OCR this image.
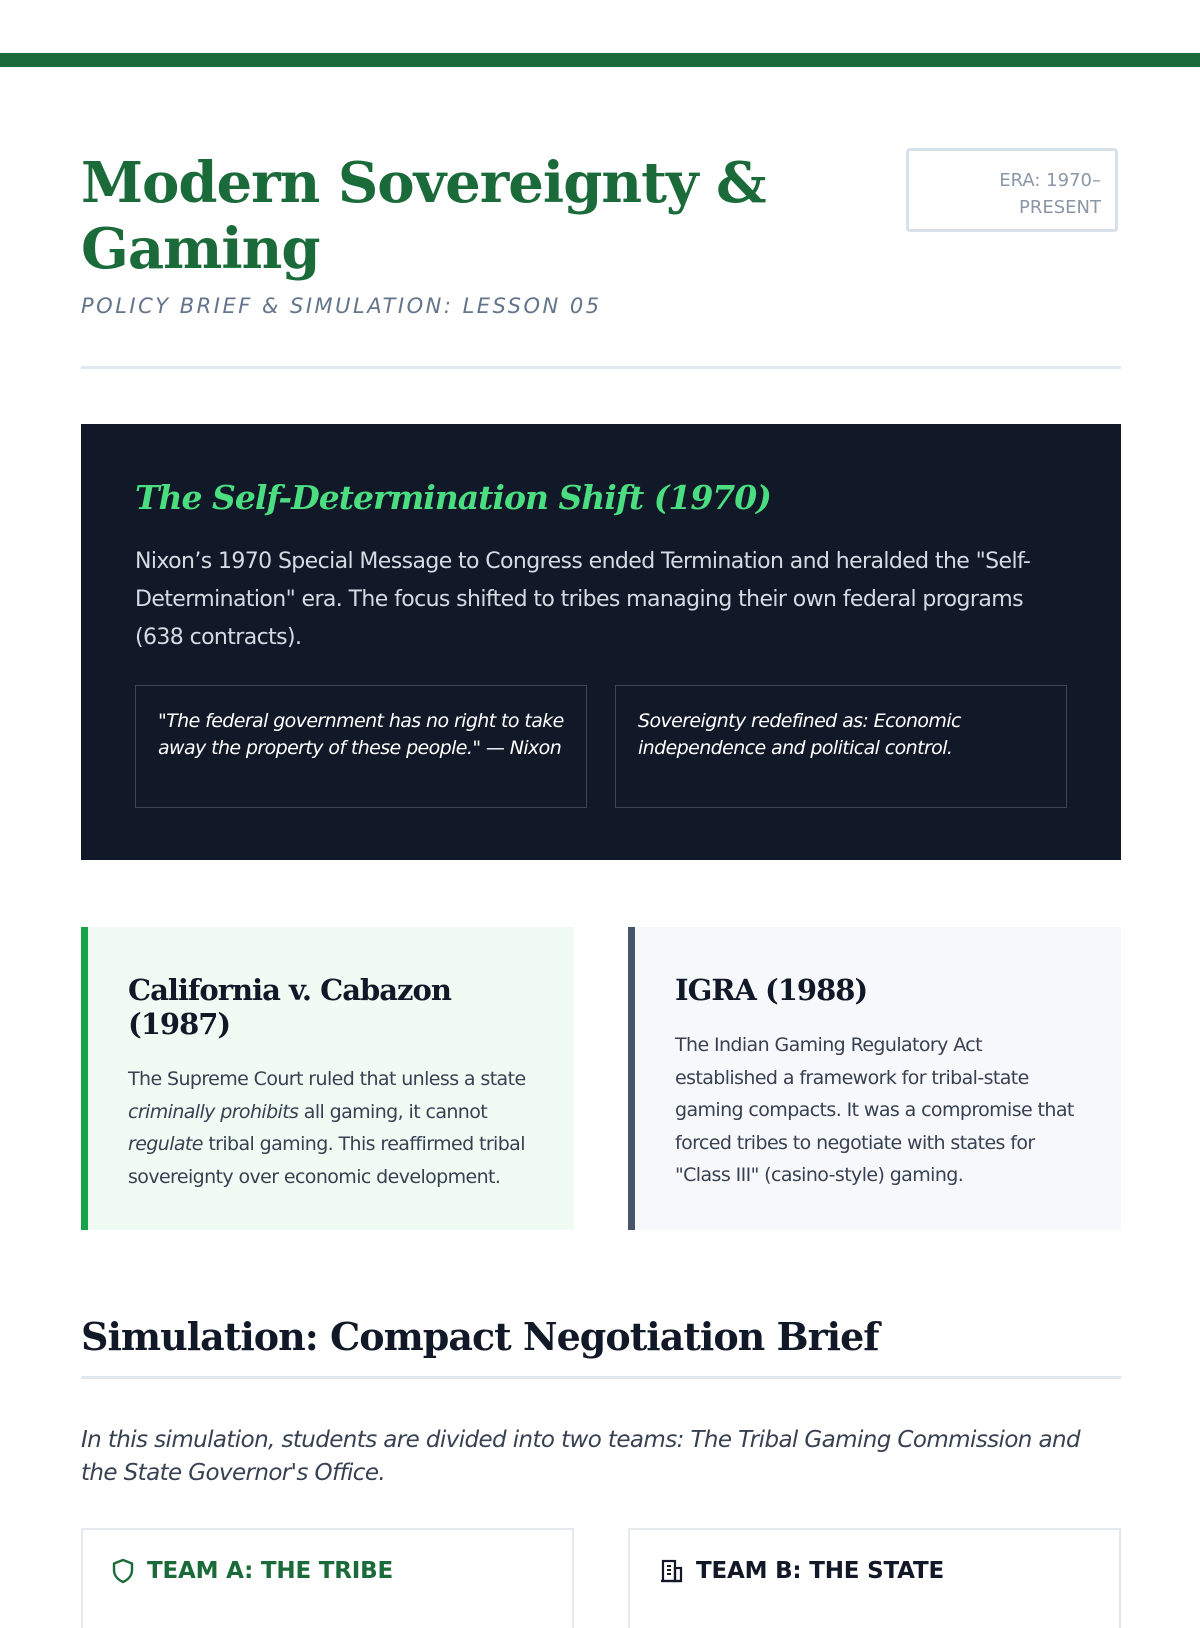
Modern Sovereignty & Gaming

POLICY BRIEF & SIMULATION: LESSON 05

ERA: 1970–PRESENT
The Self-Determination Shift (1970)

Nixon’s 1970 Special Message to Congress ended Termination and heralded the "Self-Determination" era. The focus shifted to tribes managing their own federal programs (638 contracts).

"The federal government has no right to take away the property of these people." — Nixon
Sovereignty redefined as: Economic independence and political control.
California v. Cabazon (1987)

The Supreme Court ruled that unless a state criminally prohibits all gaming, it cannot regulate tribal gaming. This reaffirmed tribal sovereignty over economic development.

IGRA (1988)

The Indian Gaming Regulatory Act established a framework for tribal-state gaming compacts. It was a compromise that forced tribes to negotiate with states for "Class III" (casino-style) gaming.

Simulation: Compact Negotiation Brief

In this simulation, students are divided into two teams: The Tribal Gaming Commission and the State Governor's Office.

TEAM A: THE TRIBE	TEAM B: THE STATE
